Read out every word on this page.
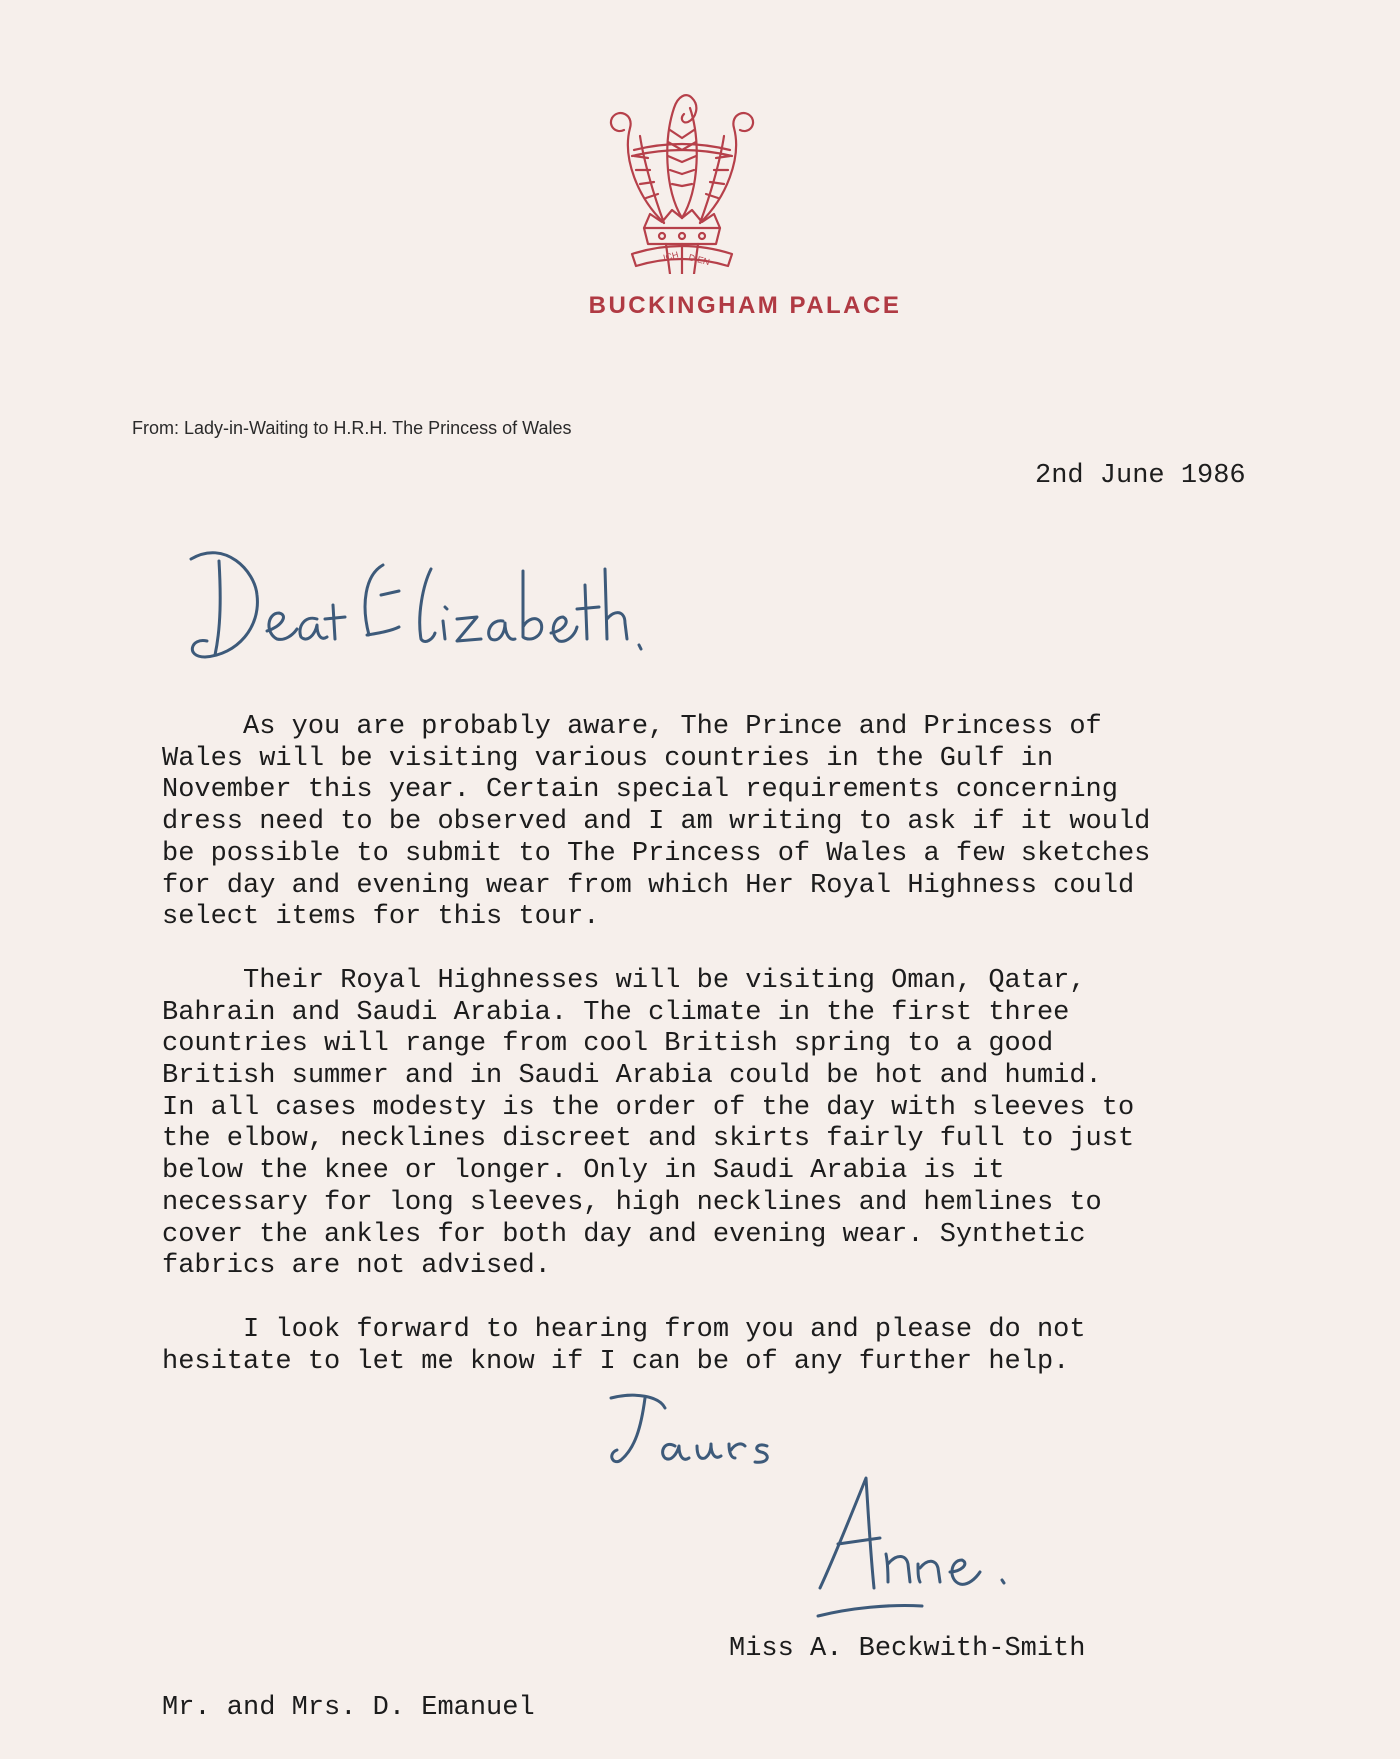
ICH DIEN
BUCKINGHAM PALACE
From: Lady-in-Waiting to H.R.H. The Princess of Wales
2nd June 1986

As you are probably aware, The Prince and Princess of
Wales will be visiting various countries in the Gulf in
November this year. Certain special requirements concerning
dress need to be observed and I am writing to ask if it would
be possible to submit to The Princess of Wales a few sketches
for day and evening wear from which Her Royal Highness could
select items for this tour.

Their Royal Highnesses will be visiting Oman, Qatar,
Bahrain and Saudi Arabia. The climate in the first three
countries will range from cool British spring to a good
British summer and in Saudi Arabia could be hot and humid.
In all cases modesty is the order of the day with sleeves to
the elbow, necklines discreet and skirts fairly full to just
below the knee or longer. Only in Saudi Arabia is it
necessary for long sleeves, high necklines and hemlines to
cover the ankles for both day and evening wear. Synthetic
fabrics are not advised.

I look forward to hearing from you and please do not
hesitate to let me know if I can be of any further help.

Miss A. Beckwith-Smith
Mr. and Mrs. D. Emanuel
